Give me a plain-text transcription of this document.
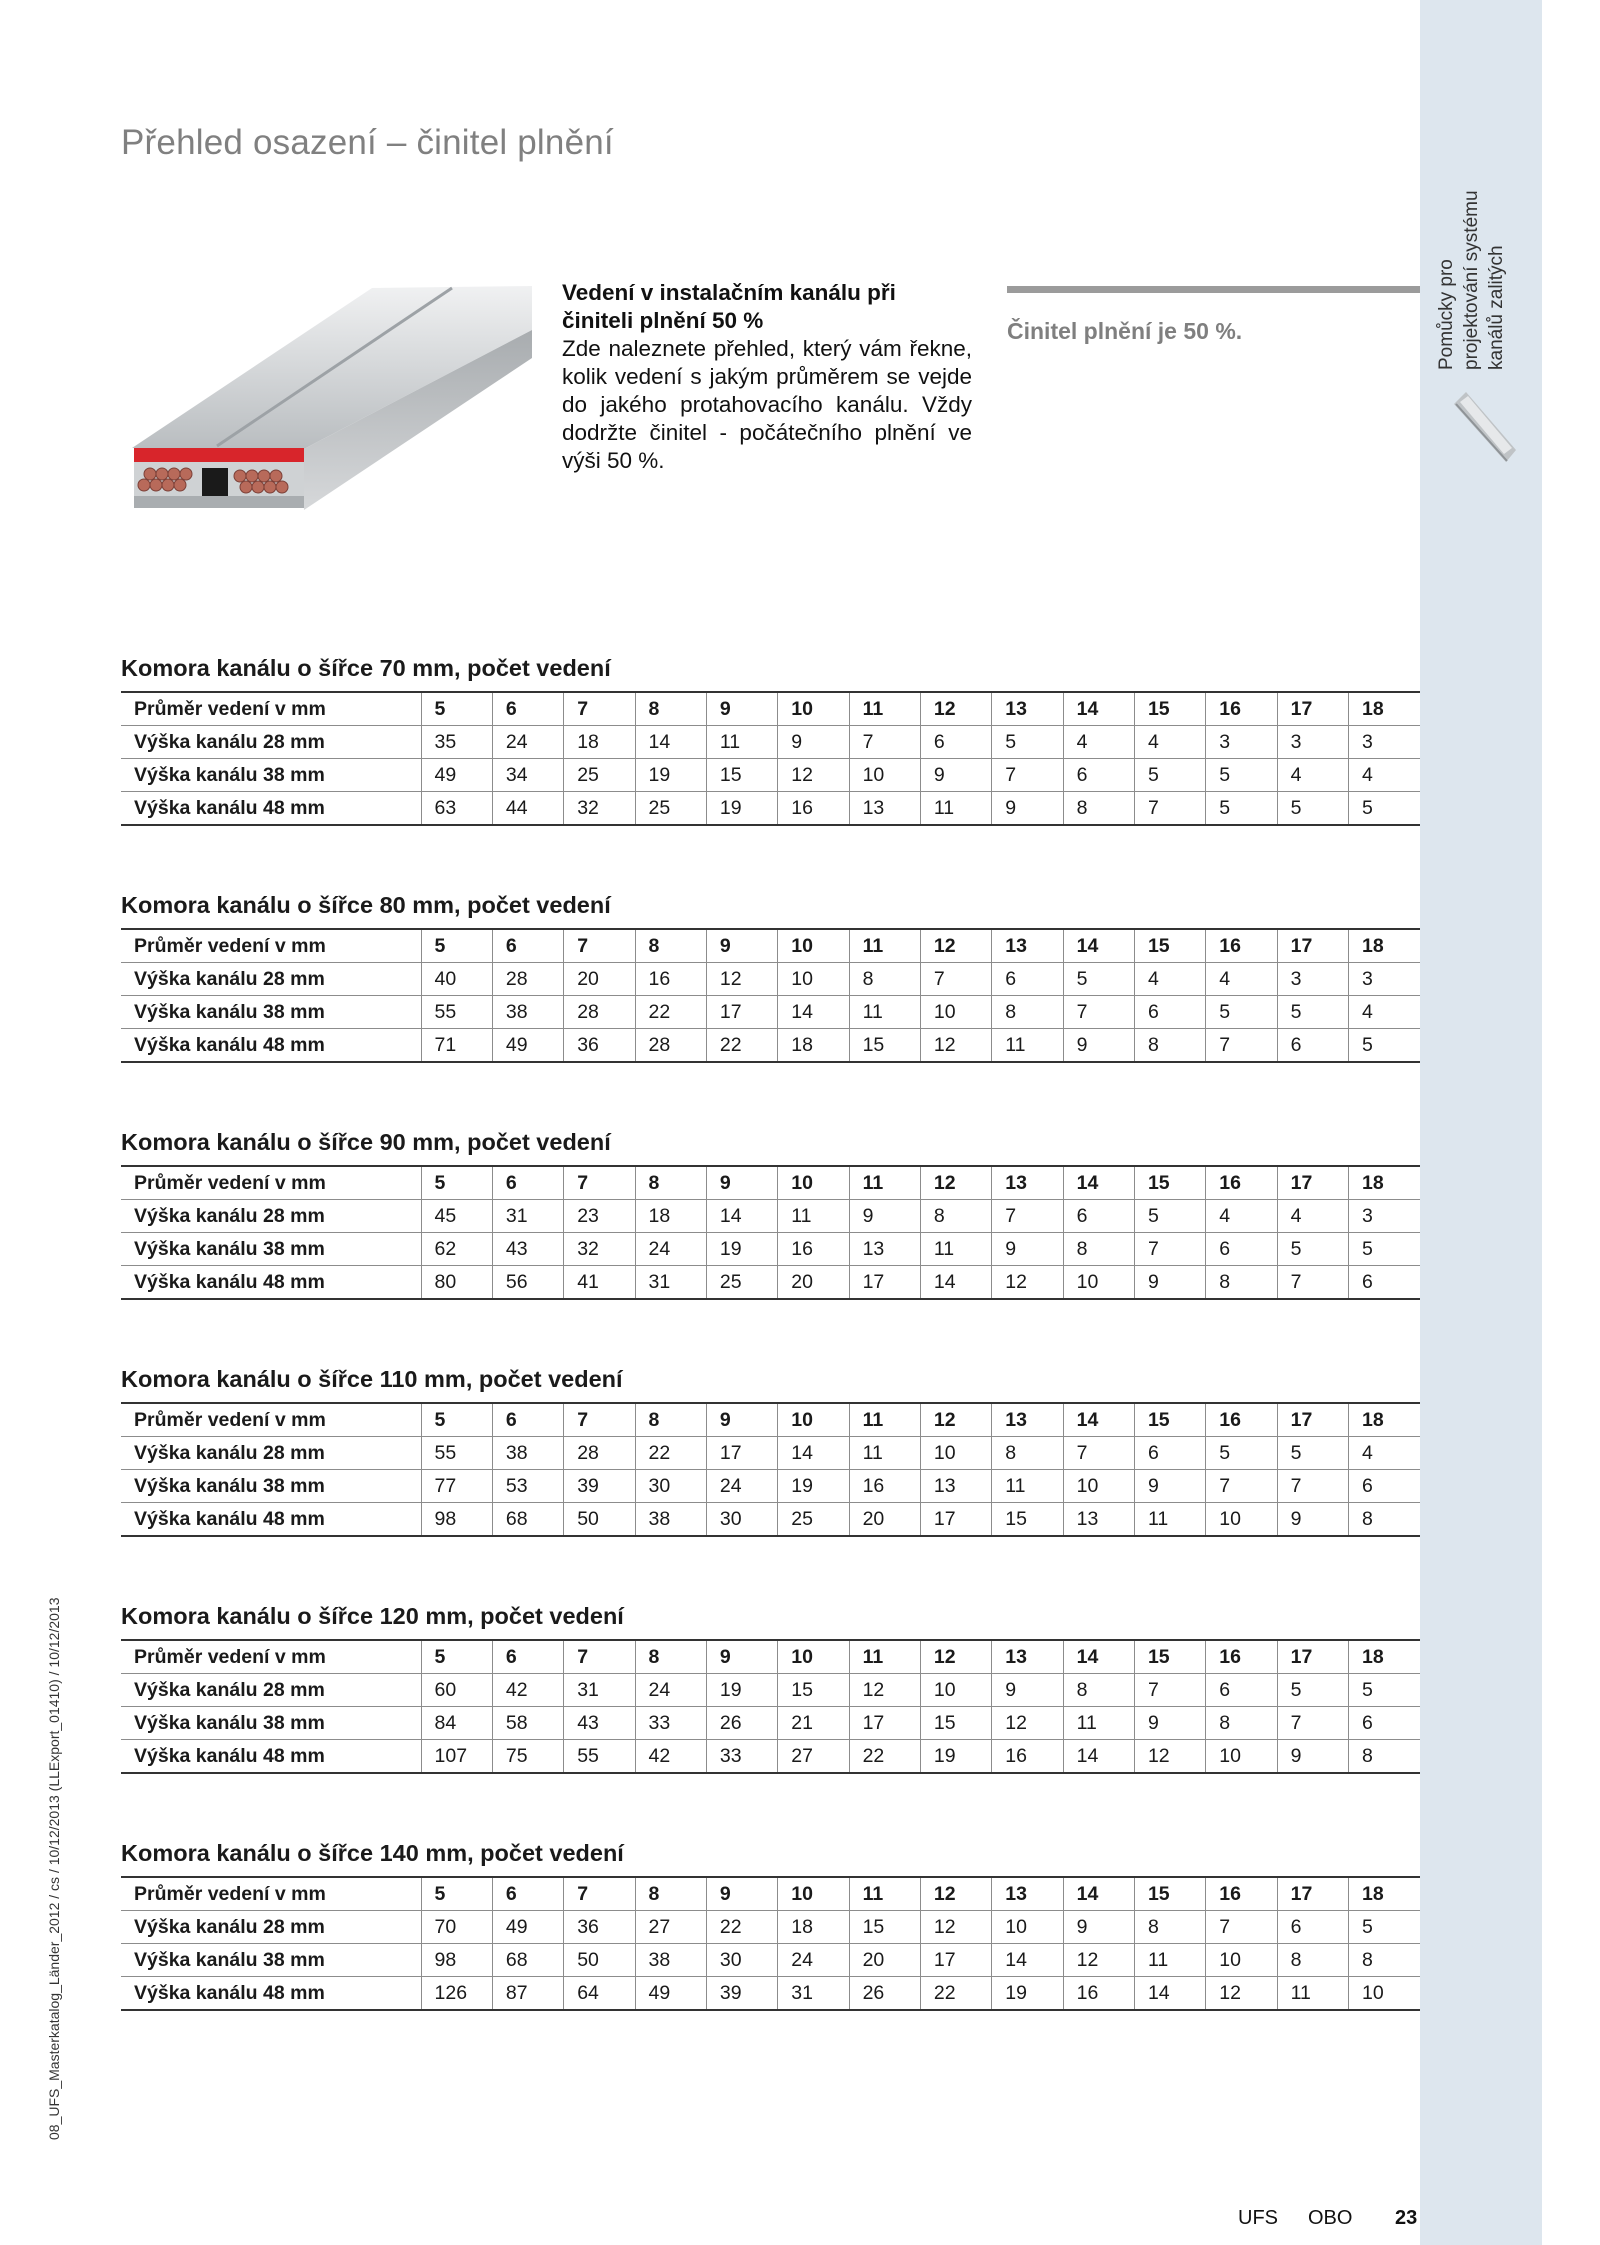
Pomůcky pro projektování systému kanálů zalitých
Přehled osazení – činitel plnění
Vedení v instalačním kanálu při činiteli plnění 50 %
Zde naleznete přehled, který vám řekne, kolik vedení s jakým průměrem se vejde do jakého protahovacího kanálu. Vždy dodržte činitel - počátečního plnění ve výši 50 %.
Činitel plnění je 50 %.
Komora kanálu o šířce 70 mm, počet vedení
Průměr vedení v mm	5	6	7	8	9	10	11	12	13	14	15	16	17	18
Výška kanálu 28 mm	35	24	18	14	11	9	7	6	5	4	4	3	3	3
Výška kanálu 38 mm	49	34	25	19	15	12	10	9	7	6	5	5	4	4
Výška kanálu 48 mm	63	44	32	25	19	16	13	11	9	8	7	5	5	5
Komora kanálu o šířce 80 mm, počet vedení
Průměr vedení v mm	5	6	7	8	9	10	11	12	13	14	15	16	17	18
Výška kanálu 28 mm	40	28	20	16	12	10	8	7	6	5	4	4	3	3
Výška kanálu 38 mm	55	38	28	22	17	14	11	10	8	7	6	5	5	4
Výška kanálu 48 mm	71	49	36	28	22	18	15	12	11	9	8	7	6	5
Komora kanálu o šířce 90 mm, počet vedení
Průměr vedení v mm	5	6	7	8	9	10	11	12	13	14	15	16	17	18
Výška kanálu 28 mm	45	31	23	18	14	11	9	8	7	6	5	4	4	3
Výška kanálu 38 mm	62	43	32	24	19	16	13	11	9	8	7	6	5	5
Výška kanálu 48 mm	80	56	41	31	25	20	17	14	12	10	9	8	7	6
Komora kanálu o šířce 110 mm, počet vedení
Průměr vedení v mm	5	6	7	8	9	10	11	12	13	14	15	16	17	18
Výška kanálu 28 mm	55	38	28	22	17	14	11	10	8	7	6	5	5	4
Výška kanálu 38 mm	77	53	39	30	24	19	16	13	11	10	9	7	7	6
Výška kanálu 48 mm	98	68	50	38	30	25	20	17	15	13	11	10	9	8
Komora kanálu o šířce 120 mm, počet vedení
Průměr vedení v mm	5	6	7	8	9	10	11	12	13	14	15	16	17	18
Výška kanálu 28 mm	60	42	31	24	19	15	12	10	9	8	7	6	5	5
Výška kanálu 38 mm	84	58	43	33	26	21	17	15	12	11	9	8	7	6
Výška kanálu 48 mm	107	75	55	42	33	27	22	19	16	14	12	10	9	8
Komora kanálu o šířce 140 mm, počet vedení
Průměr vedení v mm	5	6	7	8	9	10	11	12	13	14	15	16	17	18
Výška kanálu 28 mm	70	49	36	27	22	18	15	12	10	9	8	7	6	5
Výška kanálu 38 mm	98	68	50	38	30	24	20	17	14	12	11	10	8	8
Výška kanálu 48 mm	126	87	64	49	39	31	26	22	19	16	14	12	11	10
08_UFS_Masterkatalog_Länder_2012 / cs / 10/12/2013 (LLExport_01410) / 10/12/2013
UFS OBO 23
